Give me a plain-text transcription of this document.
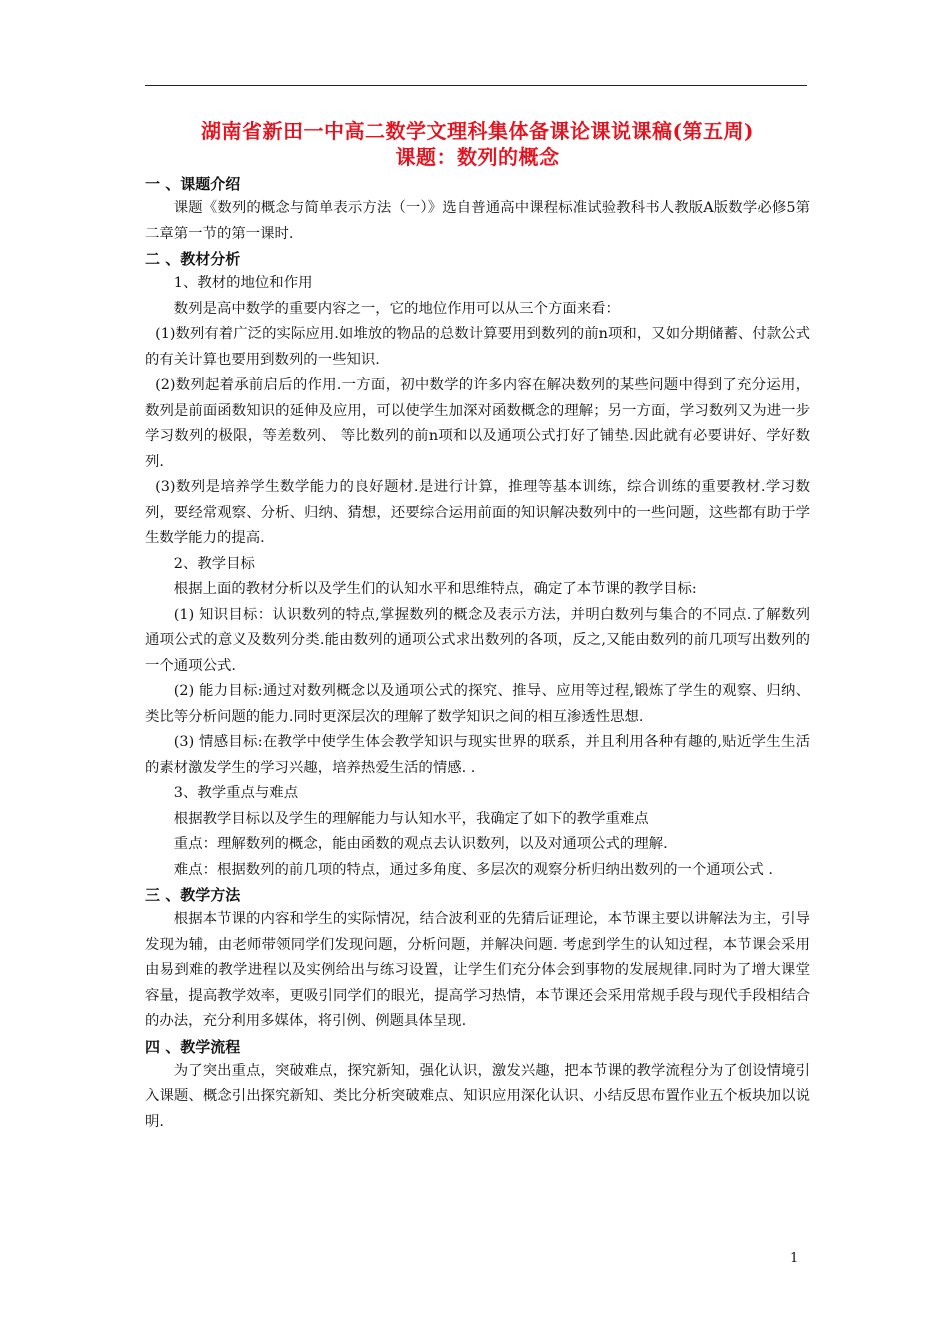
湖南省新田一中高二数学文理科集体备课论课说课稿(第五周)

课题：数列的概念

一 、课题介绍

课题《数列的概念与简单表示方法（一）》选自普通高中课程标准试验教科书人教版A版数学必修5第二章第一节的第一课时.

二 、教材分析

1、教材的地位和作用

数列是高中数学的重要内容之一，它的地位作用可以从三个方面来看：

(1)数列有着广泛的实际应用.如堆放的物品的总数计算要用到数列的前n项和，又如分期储蓄、付款公式的有关计算也要用到数列的一些知识.

(2)数列起着承前启后的作用.一方面，初中数学的许多内容在解决数列的某些问题中得到了充分运用，数列是前面函数知识的延伸及应用，可以使学生加深对函数概念的理解；另一方面，学习数列又为进一步学习数列的极限，等差数列、 等比数列的前n项和以及通项公式打好了铺垫.因此就有必要讲好、学好数列.

(3)数列是培养学生数学能力的良好题材.是进行计算，推理等基本训练，综合训练的重要教材.学习数列，要经常观察、分析、归纳、猜想，还要综合运用前面的知识解决数列中的一些问题，这些都有助于学生数学能力的提高.

2、教学目标

根据上面的教材分析以及学生们的认知水平和思维特点，确定了本节课的教学目标:

(1) 知识目标：认识数列的特点,掌握数列的概念及表示方法，并明白数列与集合的不同点.了解数列通项公式的意义及数列分类.能由数列的通项公式求出数列的各项，反之,又能由数列的前几项写出数列的一个通项公式.

(2) 能力目标:通过对数列概念以及通项公式的探究、推导、应用等过程,锻炼了学生的观察、归纳、类比等分析问题的能力.同时更深层次的理解了数学知识之间的相互渗透性思想.

(3) 情感目标:在教学中使学生体会教学知识与现实世界的联系，并且利用各种有趣的,贴近学生生活的素材激发学生的学习兴趣，培养热爱生活的情感. .

3、教学重点与难点

根据教学目标以及学生的理解能力与认知水平，我确定了如下的教学重难点

重点：理解数列的概念，能由函数的观点去认识数列，以及对通项公式的理解.

难点：根据数列的前几项的特点，通过多角度、多层次的观察分析归纳出数列的一个通项公式 .

三 、教学方法

根据本节课的内容和学生的实际情况，结合波利亚的先猜后证理论，本节课主要以讲解法为主，引导发现为辅，由老师带领同学们发现问题，分析问题，并解决问题. 考虑到学生的认知过程，本节课会采用由易到难的教学进程以及实例给出与练习设置，让学生们充分体会到事物的发展规律.同时为了增大课堂容量，提高教学效率，更吸引同学们的眼光，提高学习热情，本节课还会采用常规手段与现代手段相结合的办法，充分利用多媒体，将引例、例题具体呈现.

四 、教学流程

为了突出重点，突破难点，探究新知，强化认识，激发兴趣，把本节课的教学流程分为了创设情境引入课题、概念引出探究新知、类比分析突破难点、知识应用深化认识、小结反思布置作业五个板块加以说明.

1
